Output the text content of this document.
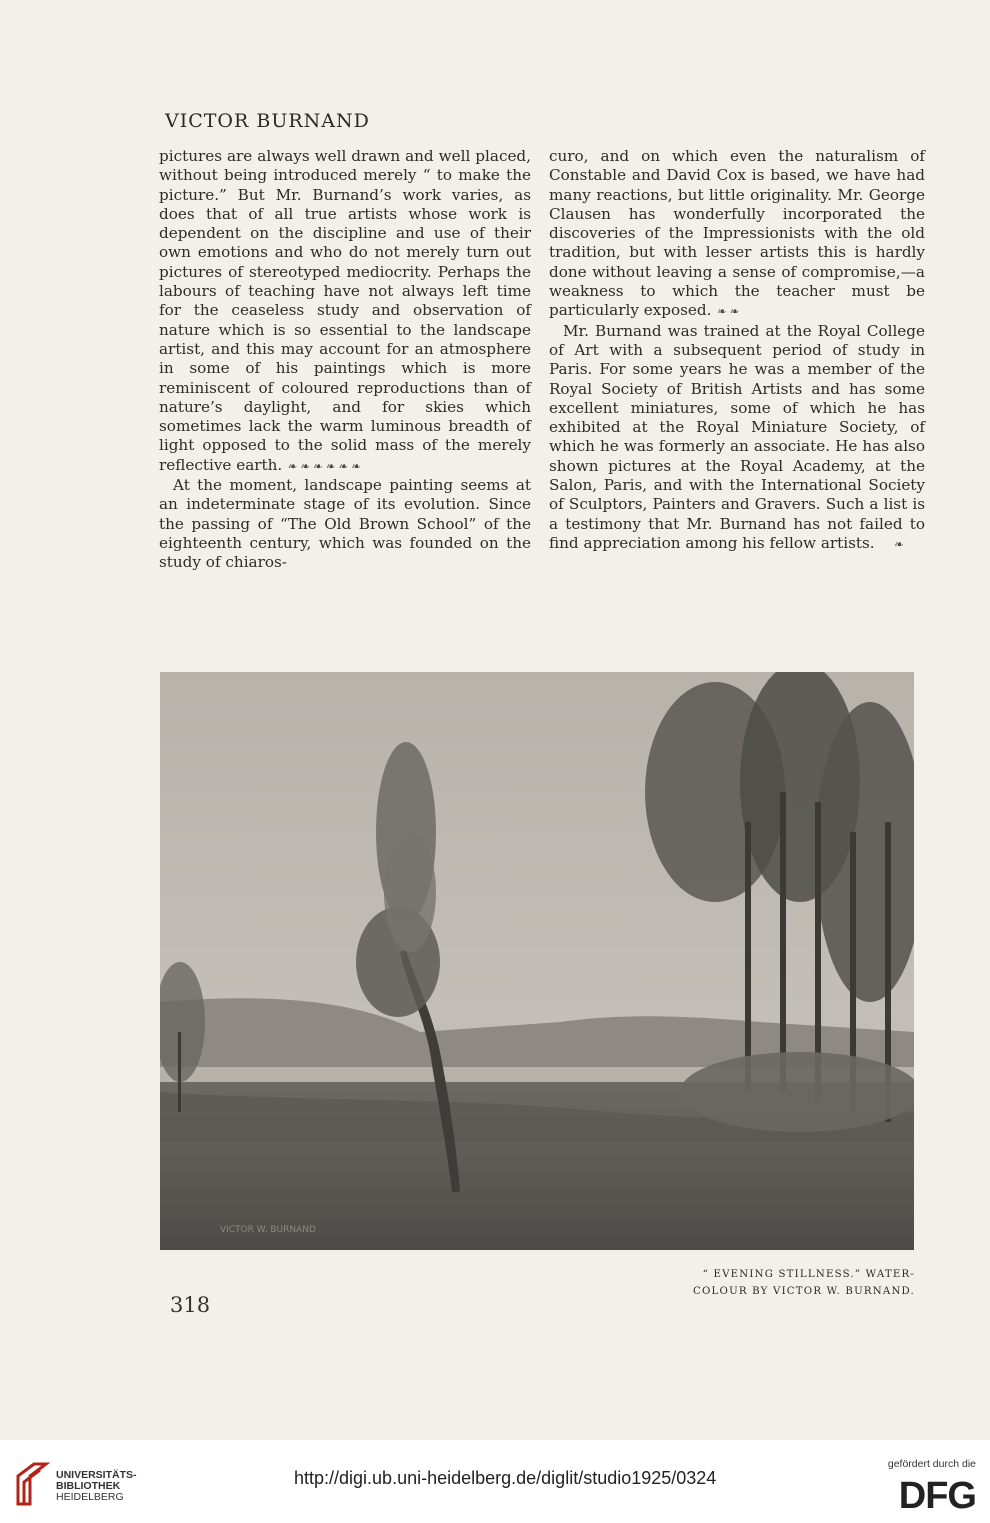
VICTOR BURNAND

pictures are always well drawn and well placed, without being introduced merely “ to make the picture.” But Mr. Burnand’s work varies, as does that of all true artists whose work is dependent on the discipline and use of their own emotions and who do not merely turn out pictures of stereotyped mediocrity. Perhaps the labours of teaching have not always left time for the ceaseless study and observation of nature which is so essential to the landscape artist, and this may account for an atmosphere in some of his paintings which is more reminiscent of coloured reproductions than of nature’s daylight, and for skies which sometimes lack the warm luminous breadth of light opposed to the solid mass of the merely reflective earth. ❧ ❧ ❧ ❧ ❧ ❧

At the moment, landscape painting seems at an indeterminate stage of its evolution. Since the passing of “The Old Brown School” of the eighteenth century, which was founded on the study of chiaros-

curo, and on which even the naturalism of Constable and David Cox is based, we have had many reactions, but little originality. Mr. George Clausen has wonderfully incorporated the discoveries of the Impressionists with the old tradition, but with lesser artists this is hardly done without leaving a sense of compromise,—a weakness to which the teacher must be particularly exposed. ❧ ❧

Mr. Burnand was trained at the Royal College of Art with a subsequent period of study in Paris. For some years he was a member of the Royal Society of British Artists and has some excellent miniatures, some of which he has exhibited at the Royal Miniature Society, of which he was formerly an associate. He has also shown pictures at the Royal Academy, at the Salon, Paris, and with the International Society of Sculptors, Painters and Gravers. Such a list is a testimony that Mr. Burnand has not failed to find appreciation among his fellow artists. ❧

VICTOR W. BURNAND
“ EVENING STILLNESS.” WATER-
COLOUR BY VICTOR W. BURNAND.
318
UNIVERSITÄTS-
BIBLIOTHEK
HEIDELBERG
http://digi.ub.uni-heidelberg.de/diglit/studio1925/0324
gefördert durch die
DFG
